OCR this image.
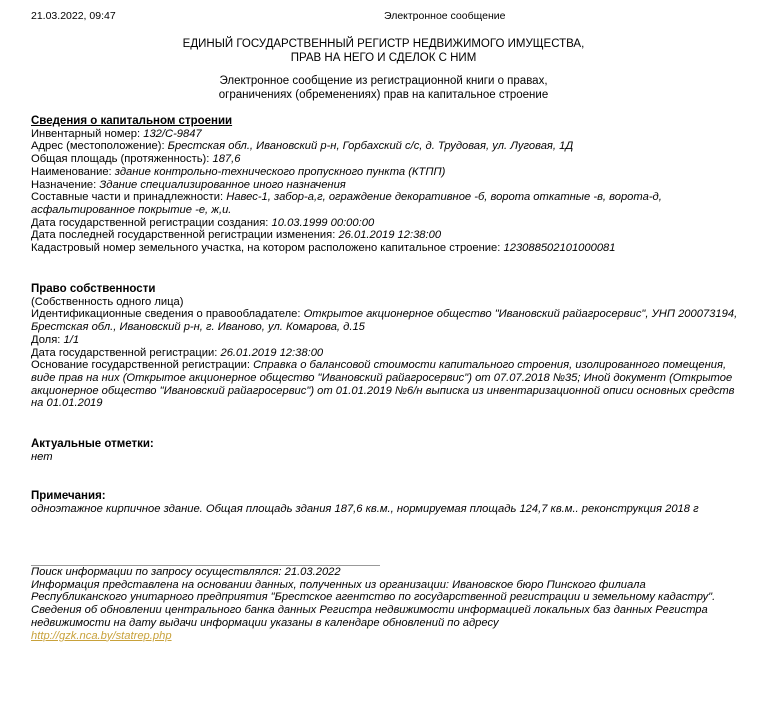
21.03.2022, 09:47	Электронное сообщение
ЕДИНЫЙ ГОСУДАРСТВЕННЫЙ РЕГИСТР НЕДВИЖИМОГО ИМУЩЕСТВА,
ПРАВ НА НЕГО И СДЕЛОК С НИМ
Электронное сообщение из регистрационной книги о правах,
ограничениях (обременениях) прав на капитальное строение
Сведения о капитальном строении
Инвентарный номер: 132/С-9847
Адрес (местоположение): Брестская обл., Ивановский р-н, Горбахский с/с, д. Трудовая, ул. Луговая, 1Д
Общая площадь (протяженность): 187,6
Наименование: здание контрольно-технического пропускного пункта (КТПП)
Назначение: Здание специализированное иного назначения
Составные части и принадлежности: Навес-1, забор-а,г, ограждение декоративное -б, ворота откатные -в, ворота-д, асфальтированное покрытие -е, ж,и.
Дата государственной регистрации создания: 10.03.1999 00:00:00
Дата последней государственной регистрации изменения: 26.01.2019 12:38:00
Кадастровый номер земельного участка, на котором расположено капитальное строение: 123088502101000081
Право собственности
(Собственность одного лица)
Идентификационные сведения о правообладателе: Открытое акционерное общество "Ивановский райагросервис", УНП 200073194, Брестская обл., Ивановский р-н, г. Иваново, ул. Комарова, д.15
Доля: 1/1
Дата государственной регистрации: 26.01.2019 12:38:00
Основание государственной регистрации: Справка о балансовой стоимости капитального строения, изолированного помещения, виде прав на них (Открытое акционерное общество "Ивановский райагросервис") от 07.07.2018 №35; Иной документ (Открытое акционерное общество "Ивановский райагросервис") от 01.01.2019 №6/н выписка из инвентаризационной описи основных средств на 01.01.2019
Актуальные отметки:
нет
Примечания:
одноэтажное кирпичное здание. Общая площадь здания 187,6 кв.м., нормируемая площадь 124,7 кв.м.. реконструкция 2018 г
Поиск информации по запросу осуществлялся: 21.03.2022
Информация представлена на основании данных, полученных из организации: Ивановское бюро Пинского филиала Республиканского унитарного предприятия "Брестское агентство по государственной регистрации и земельному кадастру".
Сведения об обновлении центрального банка данных Регистра недвижимости информацией локальных баз данных Регистра недвижимости на дату выдачи информации указаны в календаре обновлений по адресу
http://gzk.nca.by/statrep.php
